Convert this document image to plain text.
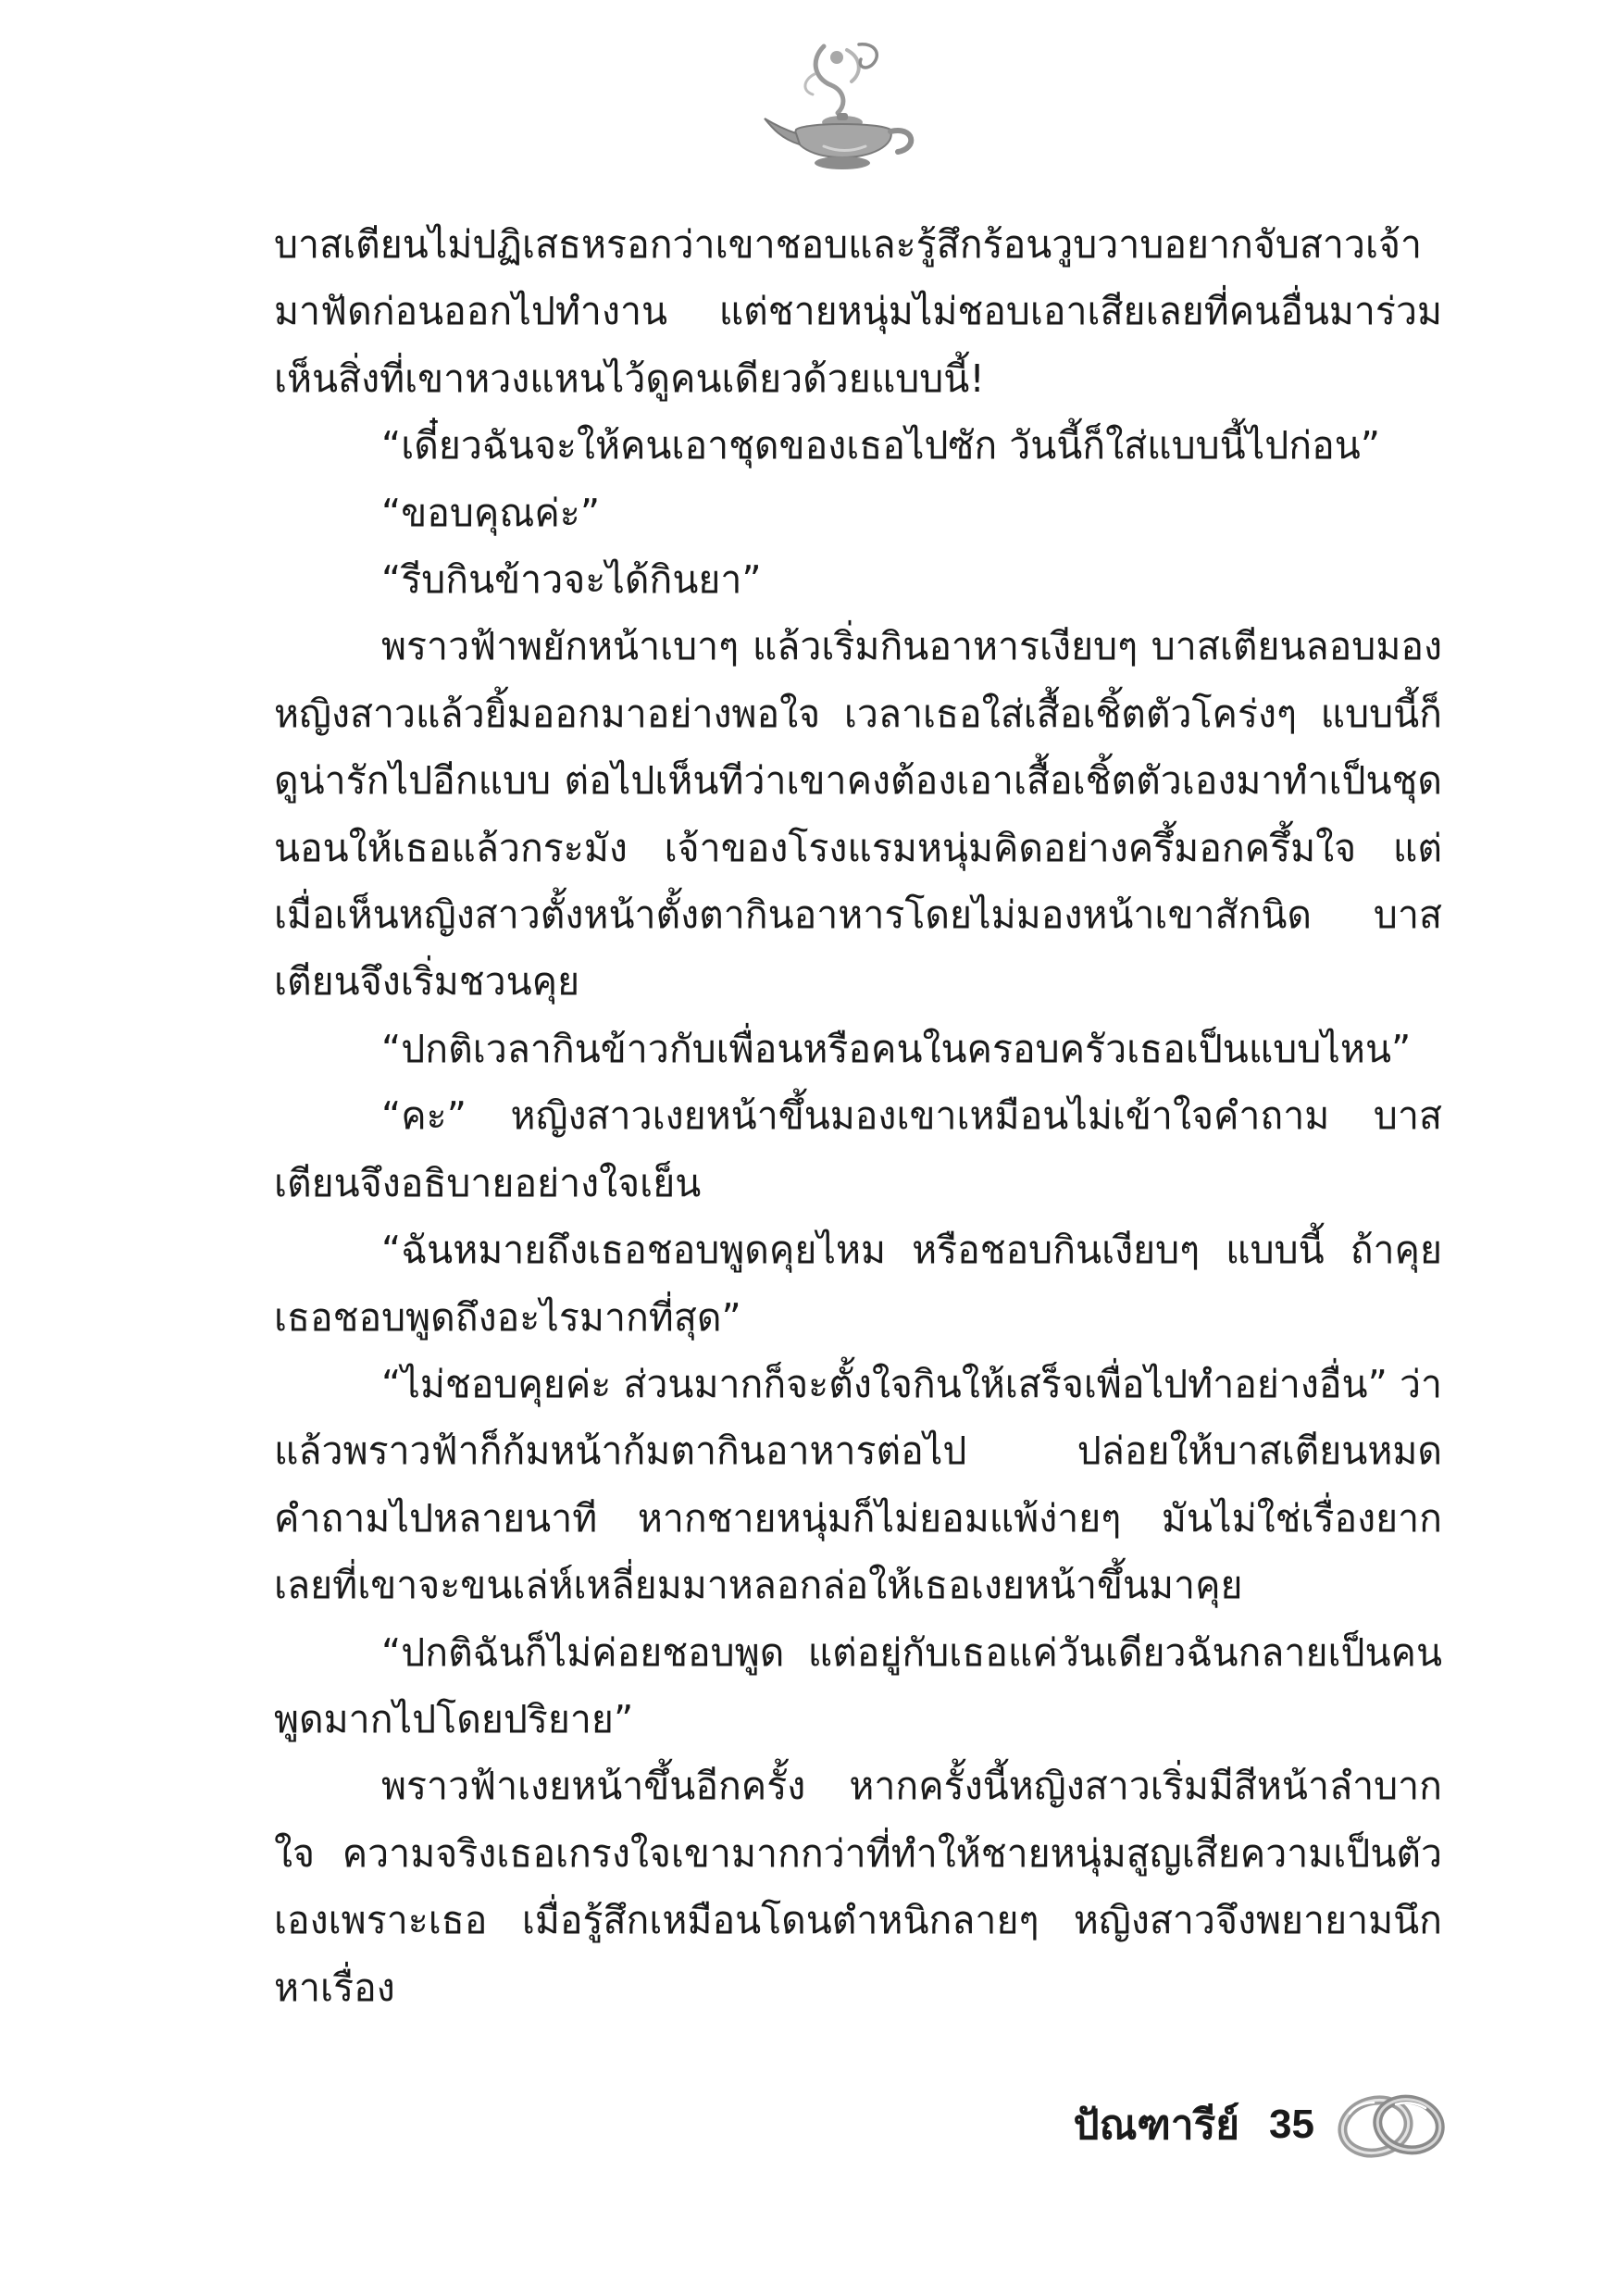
บาสเตียนไม่ปฏิเสธหรอกว่าเขาชอบและรู้สึกร้อนวูบวาบอยากจับสาวเจ้ามาฟัดก่อนออกไปทำงาน แต่ชายหนุ่มไม่ชอบเอาเสียเลยที่คนอื่นมาร่วมเห็นสิ่งที่เขาหวงแหนไว้ดูคนเดียวด้วยแบบนี้!

“เดี๋ยวฉันจะให้คนเอาชุดของเธอไปซัก วันนี้ก็ใส่แบบนี้ไปก่อน”

“ขอบคุณค่ะ”

“รีบกินข้าวจะได้กินยา”

พราวฟ้าพยักหน้าเบาๆ แล้วเริ่มกินอาหารเงียบๆ บาสเตียนลอบมองหญิงสาวแล้วยิ้มออกมาอย่างพอใจ เวลาเธอใส่เสื้อเชิ้ตตัวโคร่งๆ แบบนี้ก็ดูน่ารักไปอีกแบบ ต่อไปเห็นทีว่าเขาคงต้องเอาเสื้อเชิ้ตตัวเองมาทำเป็นชุดนอนให้เธอแล้วกระมัง เจ้าของโรงแรมหนุ่มคิดอย่างครึ้มอกครึ้มใจ แต่เมื่อเห็นหญิงสาวตั้งหน้าตั้งตากินอาหารโดยไม่มองหน้าเขาสักนิด บาสเตียนจึงเริ่มชวนคุย

“ปกติเวลากินข้าวกับเพื่อนหรือคนในครอบครัวเธอเป็นแบบไหน”

“คะ” หญิงสาวเงยหน้าขึ้นมองเขาเหมือนไม่เข้าใจคำถาม บาสเตียนจึงอธิบายอย่างใจเย็น

“ฉันหมายถึงเธอชอบพูดคุยไหม หรือชอบกินเงียบๆ แบบนี้ ถ้าคุยเธอชอบพูดถึงอะไรมากที่สุด”

“ไม่ชอบคุยค่ะ ส่วนมากก็จะตั้งใจกินให้เสร็จเพื่อไปทำอย่างอื่น” ว่าแล้วพราวฟ้าก็ก้มหน้าก้มตากินอาหารต่อไป ปล่อยให้บาสเตียนหมดคำถามไปหลายนาที หากชายหนุ่มก็ไม่ยอมแพ้ง่ายๆ มันไม่ใช่เรื่องยากเลยที่เขาจะขนเล่ห์เหลี่ยมมาหลอกล่อให้เธอเงยหน้าขึ้นมาคุย

“ปกติฉันก็ไม่ค่อยชอบพูด แต่อยู่กับเธอแค่วันเดียวฉันกลายเป็นคนพูดมากไปโดยปริยาย”

พราวฟ้าเงยหน้าขึ้นอีกครั้ง หากครั้งนี้หญิงสาวเริ่มมีสีหน้าลำบากใจ ความจริงเธอเกรงใจเขามากกว่าที่ทำให้ชายหนุ่มสูญเสียความเป็นตัวเองเพราะเธอ เมื่อรู้สึกเหมือนโดนตำหนิกลายๆ หญิงสาวจึงพยายามนึกหาเรื่อง

ปัณฑารีย์ 35
